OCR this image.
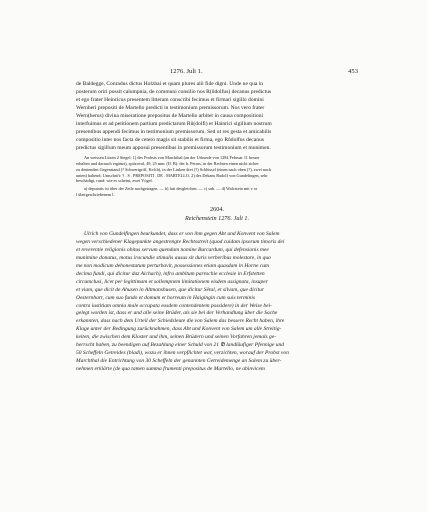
1276. Juli 1.	453
de Baldegge, Conradus dictus Holzhai et quam plures alii fide digni. Unde ne qua in
posterum oriri possit calumpnia, de communi consilio nos R(ůdolfus) decanus predictus
et ego frater Heinricus presentem litteram conscribi fecimus et firmari sigillo domini
Wernheri prepositi de Martello predicti in testimonium premissorum. Nos vero frater
Wern(herus) divina miseratione prepositus de Martello arbiter in causa compositioni
interfuimus et ad petitionem partium predictarum Rů(dolfi) et Hainrici sigillum nostrum
presentibus appendi fecimus in testimonium premissorum. Sed ut res gesta et amicabilis
compositio inter nos facta de cetero magis sit stabilis et firma, ego Růdolfus decanus
predictus sigillum meum apposui presentibus in premissorum testimonium et munimen.
An weissen Litzen 2 Siegel: 1) des Probsts von Marchthal (an der Urkunde von 1284 Februar 11 besser
erhalten und darnach ergänzt), spitzoval, 49, 25 mm. (II. B): der h. Petrus, in der Rechten einen nicht sicher
zu deutenden Gegenstand (? Schwertgriff, Kelch), in der Linken drei (?) Schlüssel (einen nach oben (?), zwei nach
unten) haltend; Umschrift: † . S . PREPOSITI . DE . MARTELLO. 2) des Dekans Rudolf von Gundelingen, sehr
beschädigt, rund: wie es scheint, zwei Vögel.
a) deputatis ist über der Zeile nachgetragen. — b) fuit desgleichen. — c) sub. — d) Walcstein mit v or
l übergeschriebenem l.
2604.
Reichenstein 1276. Juli 1.
Ulrich von Gundelfingen beurkundet, dass er von ihm gegen Abt und Konvent von Salem
wegen verschiedener Klagepunkte angestrengte Rechtsstreit (quod cuidam ipsorum timoris dei
et reverentie religionis obitus servum quendam nomine Burcardum, qui defensionis mee
munimine donatus, motus iracundie stimulis ausus sit duris verberibus molestare, in quo
me non modicum dehonestatum perturbavit, possessiones etiam quasdam in Horne cum
decima fundi, qui dicitur daz Aichach), infra ambitum parrochie ecclesie in Erfstetten
circumclusi, licet per legittimam et sollempnem limitationem eisdem assignata, insuper
et viam, que dicit de Ahusen in Altmanshusen, que dicitur Sêtal, et silvam, que dicitur
Oesternhart, cum suo fundo et domum et horreum in Haigingin cum suis terminis
contra iustitiam omnia male occupata eosdem contendentem possidere) in der Weise bei-
gelegt worden ist, dass er und alle seine Brüder, als sie bei der Verhandlung über die Sache
erkannten, dass nach dem Urteil der Schiedsleute die von Salem das bessere Recht haben, ihre
Klage unter der Bedingung zurücknahmen, dass Abt und Konvent von Salem um alle Streitig-
keiten, die zwischen dem Kloster und ihm, seinen Brüdern und seinen Vorfahren jemals ge-
herrscht haben, zu beendigen auf Bezahlung einer Schuld von 21 ℔ landläufiger Pfennige und
50 Scheffeln Getreides (bladi), wozu er ihnen verpflichtet war, verzichten, worauf der Probst von
Marchthal die Entrichtung von 30 Scheffeln der genannten Getreidemenge an Salem zu über-
nehmen erklärte (de qua tamen summa frumenti prepositus de Martello, ne abinvicem
